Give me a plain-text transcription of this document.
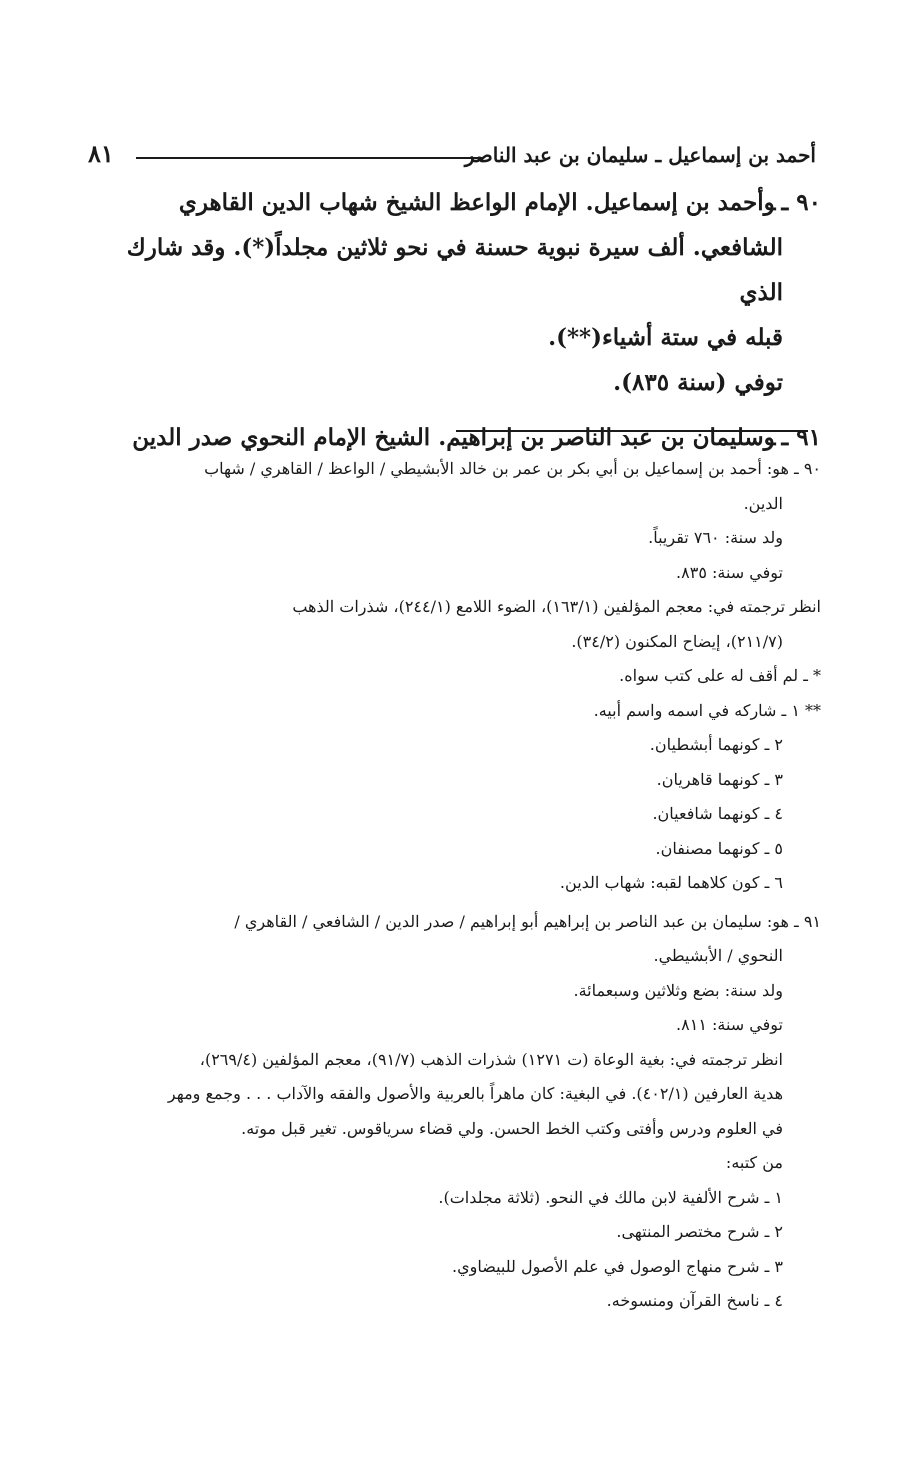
أحمد بن إسماعيل ـ سليمان بن عبد الناصر
٨١

٩٠ ـوأحمد بن إسماعيل. الإمام الواعظ الشيخ شهاب الدين القاهري

الشافعي. ألف سيرة نبوية حسنة في نحو ثلاثين مجلداً(*). وقد شارك الذي

قبله في ستة أشياء(**).

توفي (سنة ٨٣٥).

٩١ ـوسليمان بن عبد الناصر بن إبراهيم. الشيخ الإمام النحوي صدر الدين

٩٠ ـ هو: أحمد بن إسماعيل بن أبي بكر بن عمر بن خالد الأبشيطي / الواعظ / القاهري / شهاب

الدين.

ولد سنة: ٧٦٠ تقريباً.

توفي سنة: ٨٣٥.

انظر ترجمته في: معجم المؤلفين (١٦٣/١)، الضوء اللامع (٢٤٤/١)، شذرات الذهب

(٢١١/٧)، إيضاح المكنون (٣٤/٢).

* ـ لم أقف له على كتب سواه.

** ١ ـ شاركه في اسمه واسم أبيه.

٢ ـ كونهما أبشطيان.

٣ ـ كونهما قاهريان.

٤ ـ كونهما شافعيان.

٥ ـ كونهما مصنفان.

٦ ـ كون كلاهما لقبه: شهاب الدين.

٩١ ـ هو: سليمان بن عبد الناصر بن إبراهيم أبو إبراهيم / صدر الدين / الشافعي / القاهري /

النحوي / الأبشيطي.

ولد سنة: بضع وثلاثين وسبعمائة.

توفي سنة: ٨١١.

انظر ترجمته في: بغية الوعاة (ت ١٢٧١) شذرات الذهب (٩١/٧)، معجم المؤلفين (٢٦٩/٤)،

هدية العارفين (٤٠٢/١). في البغية: كان ماهراً بالعربية والأصول والفقه والآداب . . . وجمع ومهر

في العلوم ودرس وأفتى وكتب الخط الحسن. ولي قضاء سرياقوس. تغير قبل موته.

من كتبه:

١ ـ شرح الألفية لابن مالك في النحو. (ثلاثة مجلدات).

٢ ـ شرح مختصر المنتهى.

٣ ـ شرح منهاج الوصول في علم الأصول للبيضاوي.

٤ ـ ناسخ القرآن ومنسوخه.
